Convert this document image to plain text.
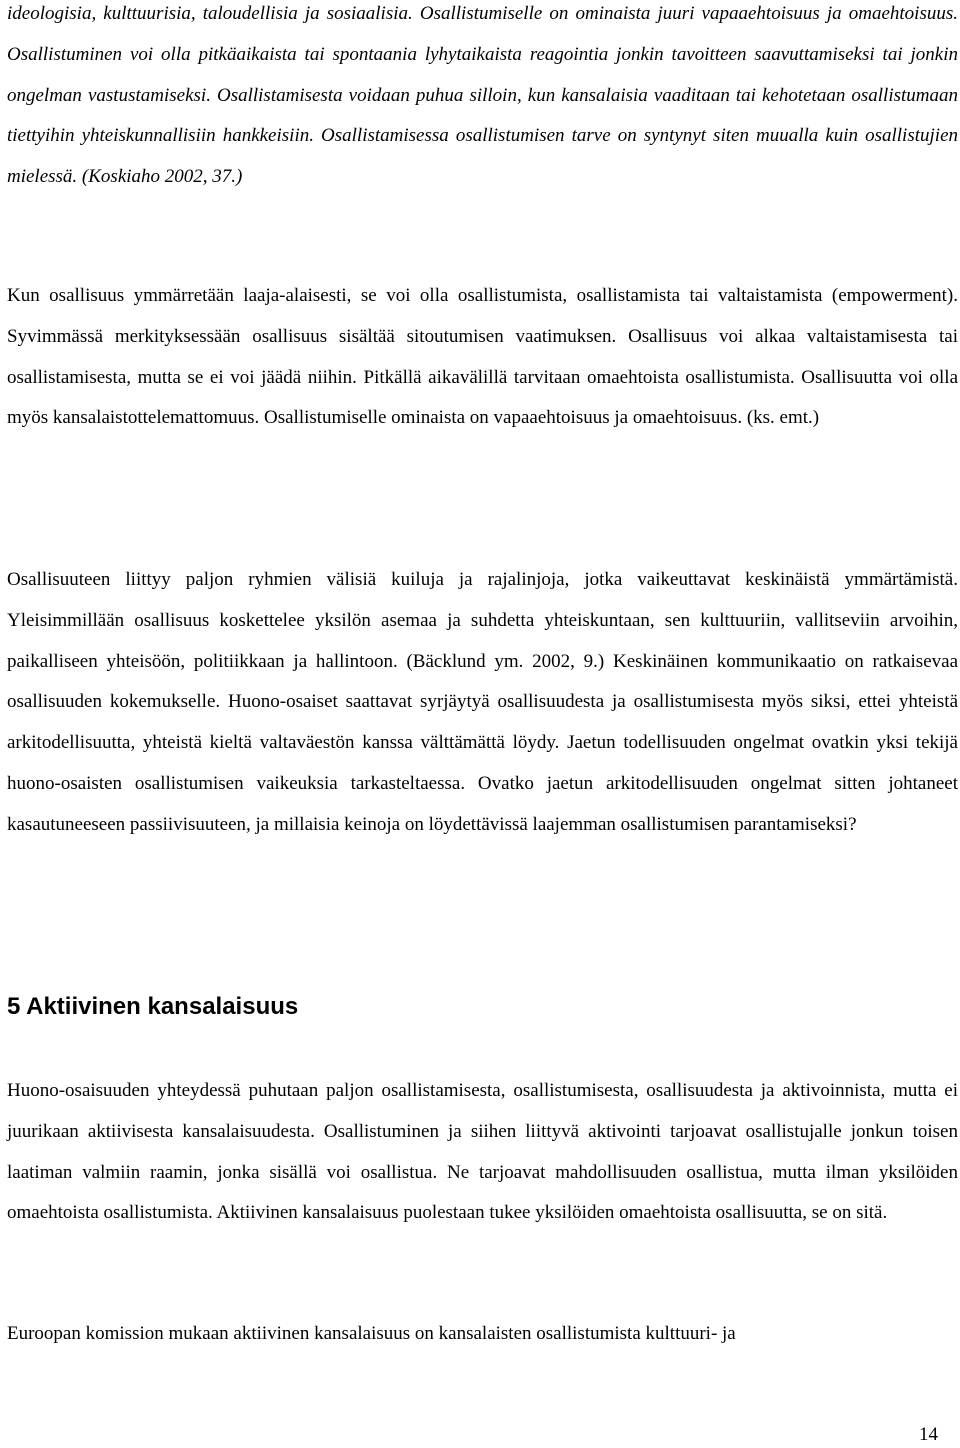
ideologisia, kulttuurisia, taloudellisia ja sosiaalisia. Osallistumiselle on ominaista juuri vapaaehtoisuus ja omaehtoisuus. Osallistuminen voi olla pitkäaikaista tai spontaania lyhytaikaista reagointia jonkin tavoitteen saavuttamiseksi tai jonkin ongelman vastustamiseksi. Osallistamisesta voidaan puhua silloin, kun kansalaisia vaaditaan tai kehotetaan osallistumaan tiettyihin yhteiskunnallisiin hankkeisiin. Osallistamisessa osallistumisen tarve on syntynyt siten muualla kuin osallistujien mielessä. (Koskiaho 2002, 37.)

Kun osallisuus ymmärretään laaja-alaisesti, se voi olla osallistumista, osallistamista tai valtaistamista (empowerment). Syvimmässä merkityksessään osallisuus sisältää sitoutumisen vaatimuksen. Osallisuus voi alkaa valtaistamisesta tai osallistamisesta, mutta se ei voi jäädä niihin. Pitkällä aikavälillä tarvitaan omaehtoista osallistumista. Osallisuutta voi olla myös kansalaistottelemattomuus. Osallistumiselle ominaista on vapaaehtoisuus ja omaehtoisuus. (ks. emt.)

Osallisuuteen liittyy paljon ryhmien välisiä kuiluja ja rajalinjoja, jotka vaikeuttavat keskinäistä ymmärtämistä. Yleisimmillään osallisuus koskettelee yksilön asemaa ja suhdetta yhteiskuntaan, sen kulttuuriin, vallitseviin arvoihin, paikalliseen yhteisöön, politiikkaan ja hallintoon. (Bäcklund ym. 2002, 9.) Keskinäinen kommunikaatio on ratkaisevaa osallisuuden kokemukselle. Huono-osaiset saattavat syrjäytyä osallisuudesta ja osallistumisesta myös siksi, ettei yhteistä arkitodellisuutta, yhteistä kieltä valtaväestön kanssa välttämättä löydy. Jaetun todellisuuden ongelmat ovatkin yksi tekijä huono-osaisten osallistumisen vaikeuksia tarkasteltaessa. Ovatko jaetun arkitodellisuuden ongelmat sitten johtaneet kasautuneeseen passiivisuuteen, ja millaisia keinoja on löydettävissä laajemman osallistumisen parantamiseksi?

5 Aktiivinen kansalaisuus

Huono-osaisuuden yhteydessä puhutaan paljon osallistamisesta, osallistumisesta, osallisuudesta ja aktivoinnista, mutta ei juurikaan aktiivisesta kansalaisuudesta. Osallistuminen ja siihen liittyvä aktivointi tarjoavat osallistujalle jonkun toisen laatiman valmiin raamin, jonka sisällä voi osallistua. Ne tarjoavat mahdollisuuden osallistua, mutta ilman yksilöiden omaehtoista osallistumista. Aktiivinen kansalaisuus puolestaan tukee yksilöiden omaehtoista osallisuutta, se on sitä.

Euroopan komission mukaan aktiivinen kansalaisuus on kansalaisten osallistumista kulttuuri- ja

14
